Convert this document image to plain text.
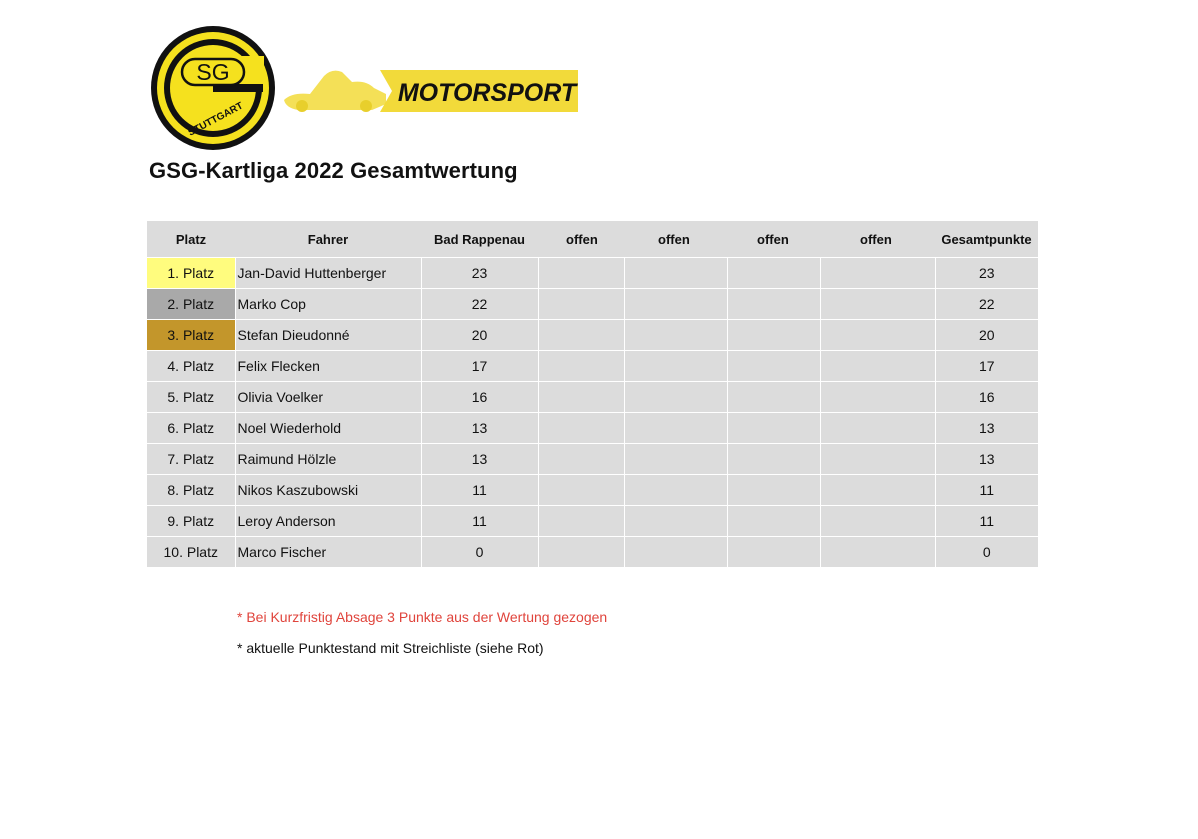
SG
STUTTGART
MOTORSPORT
GSG-Kartliga 2022 Gesamtwertung
Platz	Fahrer	Bad Rappenau	offen	offen	offen	offen	Gesamtpunkte
1. Platz	Jan-David Huttenberger	23					23
2. Platz	Marko Cop	22					22
3. Platz	Stefan Dieudonné	20					20
4. Platz	Felix Flecken	17					17
5. Platz	Olivia Voelker	16					16
6. Platz	Noel Wiederhold	13					13
7. Platz	Raimund Hölzle	13					13
8. Platz	Nikos Kaszubowski	11					11
9. Platz	Leroy Anderson	11					11
10. Platz	Marco Fischer	0					0
* Bei Kurzfristig Absage 3 Punkte aus der Wertung gezogen
* aktuelle Punktestand mit Streichliste (siehe Rot)
